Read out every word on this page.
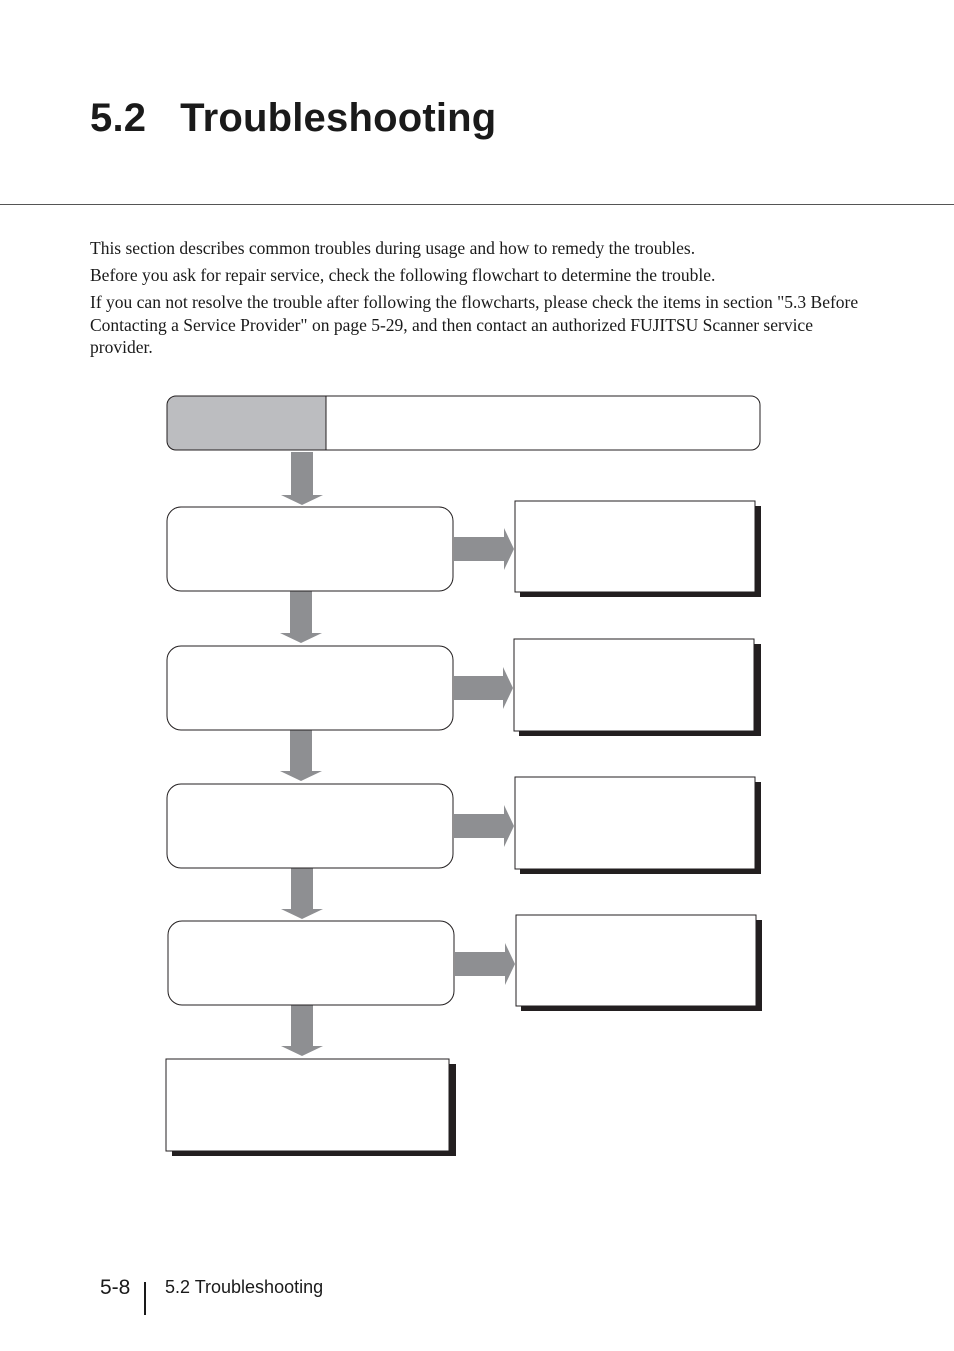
5.2   Troubleshooting

This section describes common troubles during usage and how to remedy the troubles.

Before you ask for repair service, check the following flowchart to determine the trouble.

If you can not resolve the trouble after following the flowcharts, please check the items in section "5.3 Before Contacting a Service Provider" on page 5-29, and then contact an authorized FUJITSU Scanner service provider.

5-8 5.2 Troubleshooting
